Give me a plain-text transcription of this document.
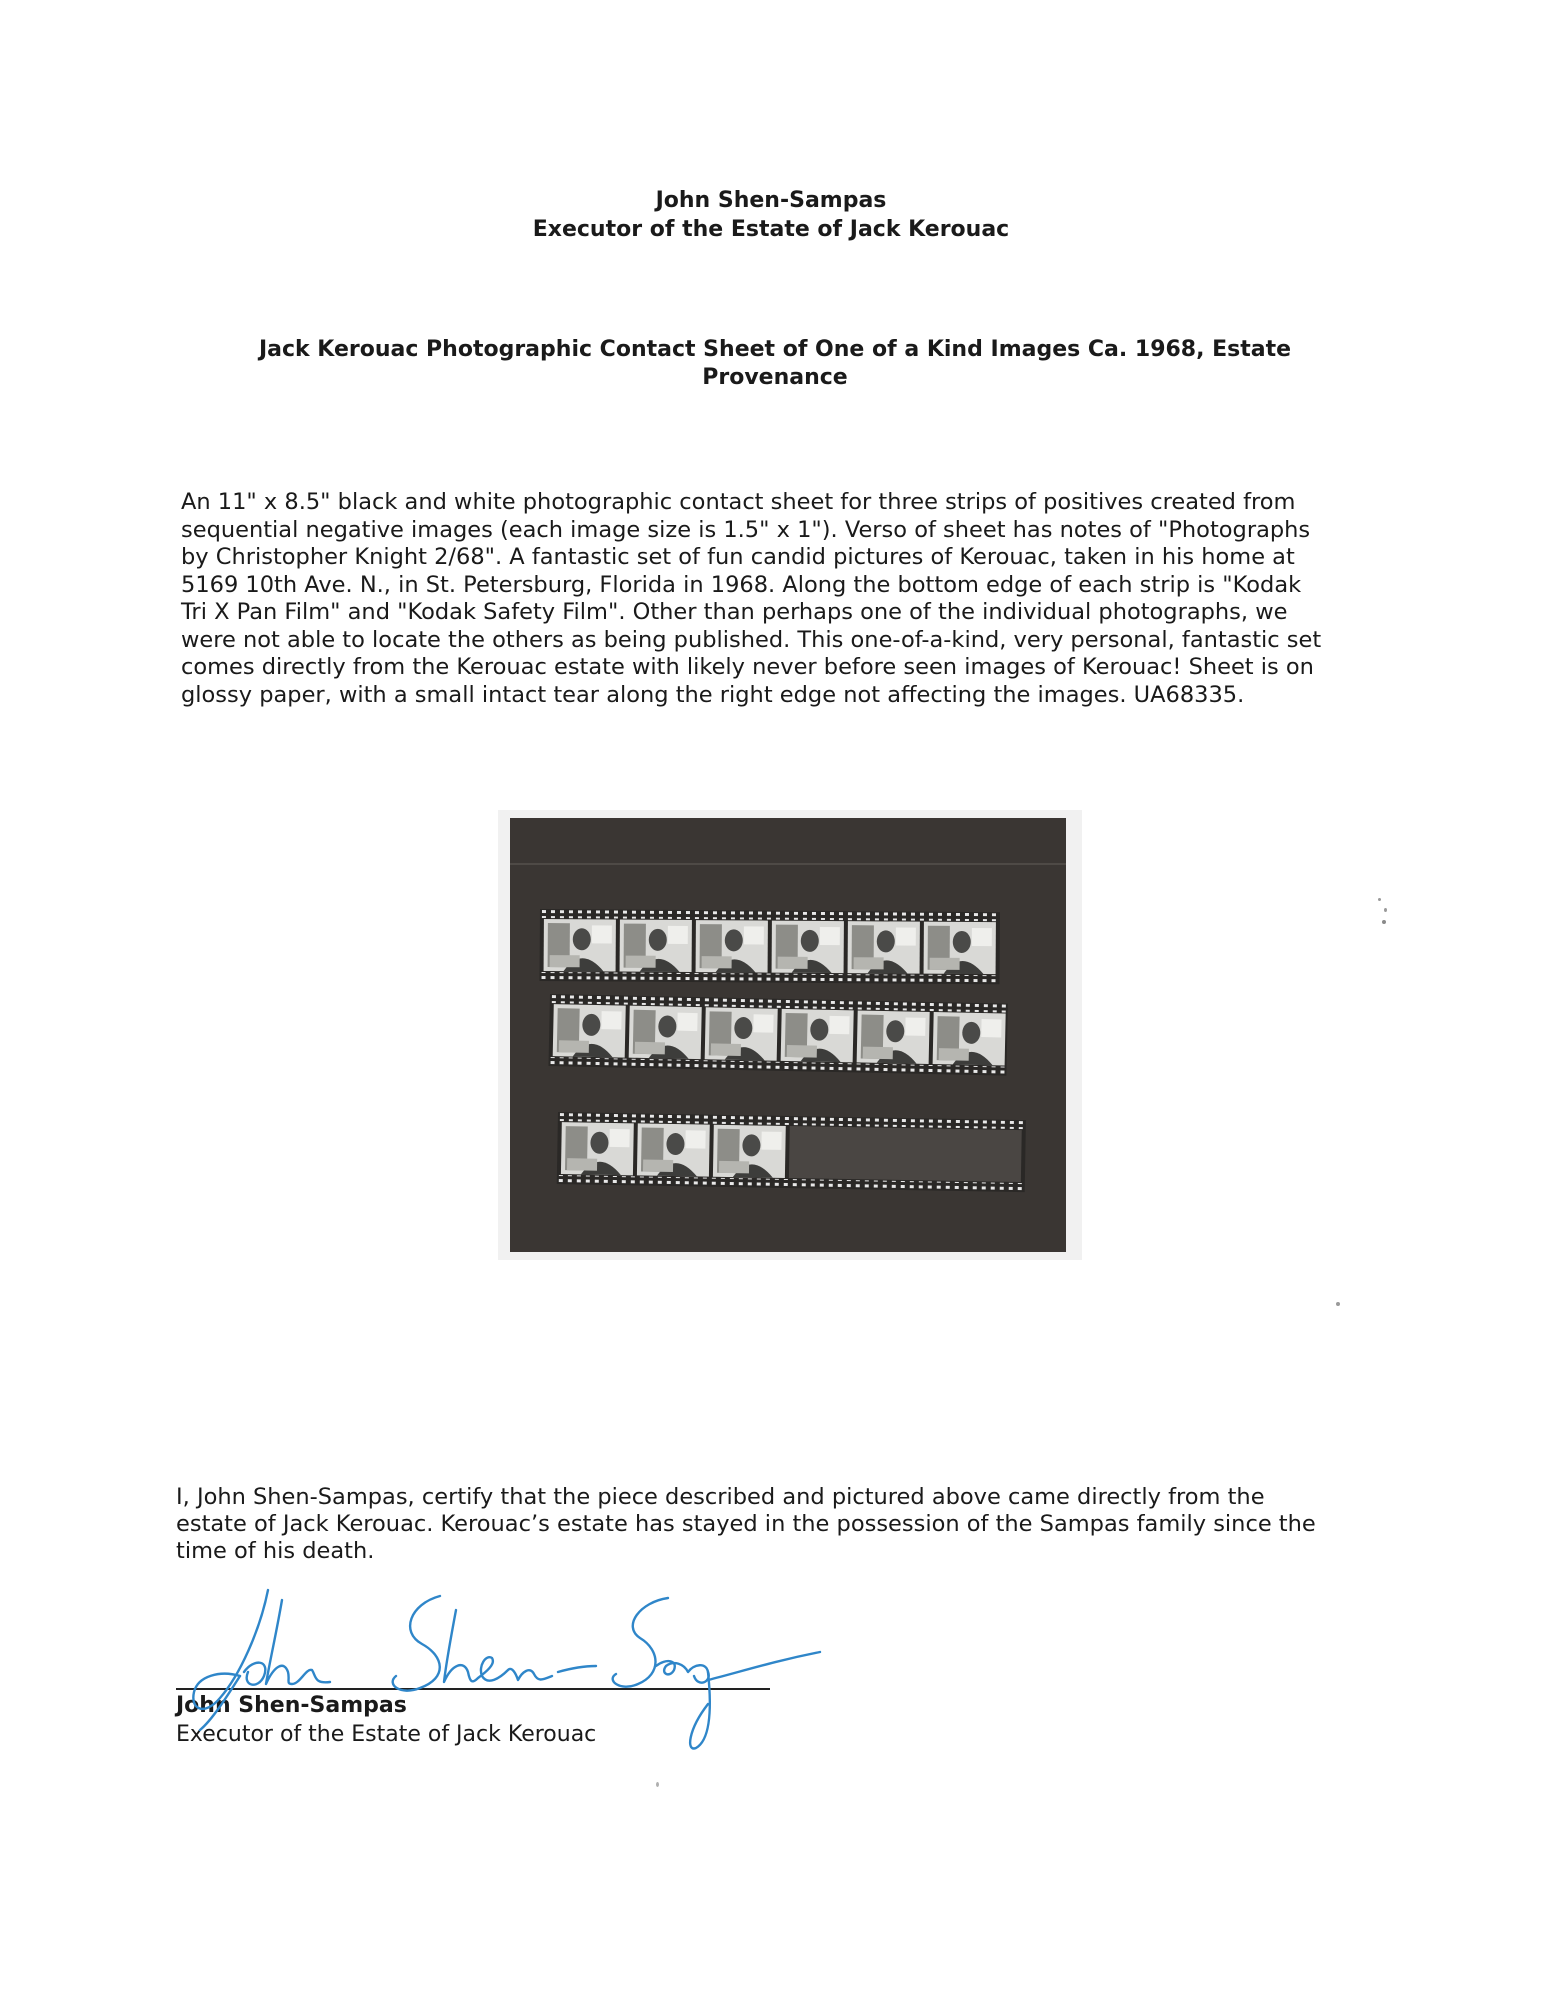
John Shen-Sampas
Executor of the Estate of Jack Kerouac
Jack Kerouac Photographic Contact Sheet of One of a Kind Images Ca. 1968, Estate Provenance

An 11" x 8.5" black and white photographic contact sheet for three strips of positives created from
sequential negative images (each image size is 1.5" x 1"). Verso of sheet has notes of "Photographs
by Christopher Knight 2/68". A fantastic set of fun candid pictures of Kerouac, taken in his home at
5169 10th Ave. N., in St. Petersburg, Florida in 1968. Along the bottom edge of each strip is "Kodak
Tri X Pan Film" and "Kodak Safety Film". Other than perhaps one of the individual photographs, we
were not able to locate the others as being published. This one-of-a-kind, very personal, fantastic set
comes directly from the Kerouac estate with likely never before seen images of Kerouac! Sheet is on
glossy paper, with a small intact tear along the right edge not affecting the images. UA68335.

I, John Shen-Sampas, certify that the piece described and pictured above came directly from the
estate of Jack Kerouac. Kerouac’s estate has stayed in the possession of the Sampas family since the
time of his death.

John Shen-Sampas
Executor of the Estate of Jack Kerouac
